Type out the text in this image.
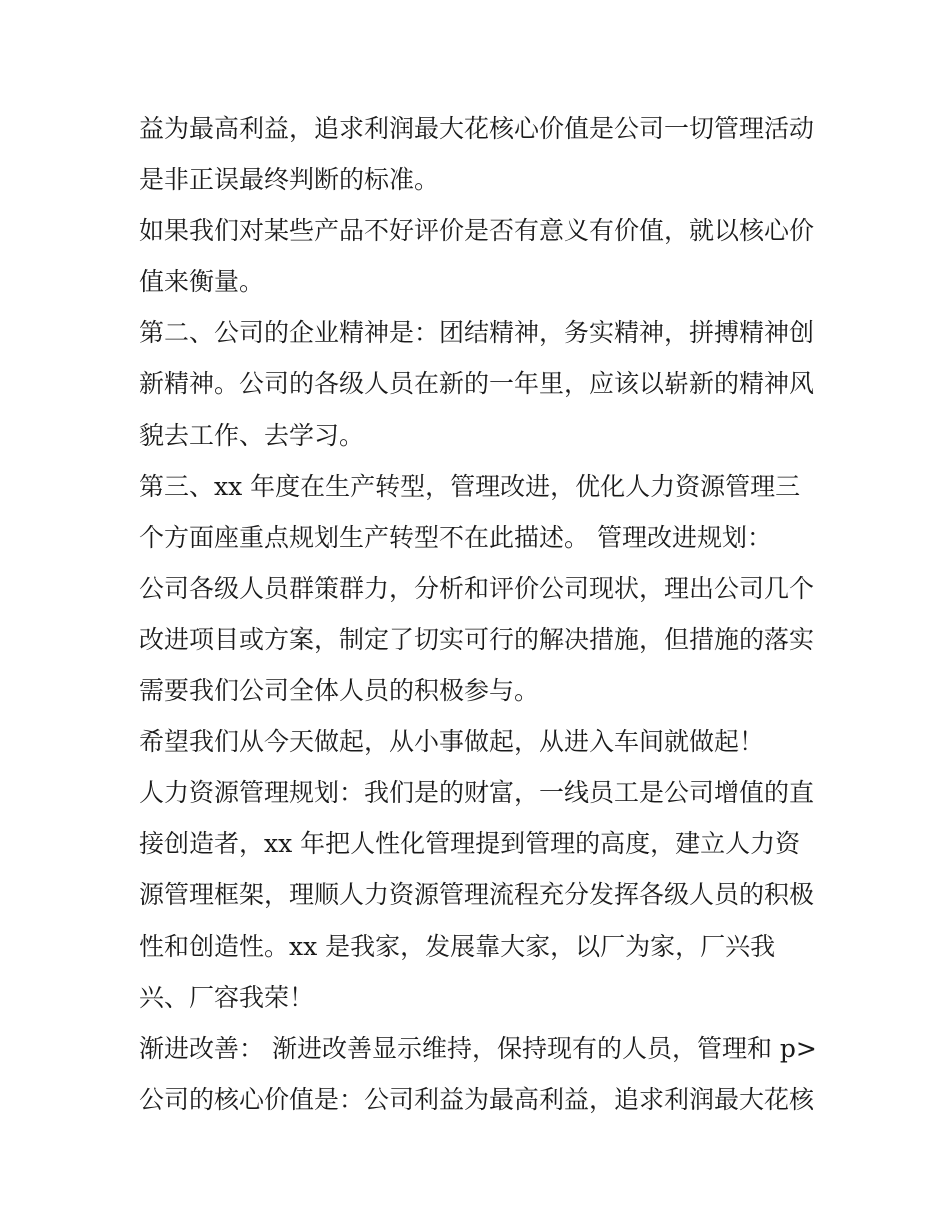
益为最高利益，追求利润最大花核心价值是公司一切管理活动
是非正误最终判断的标准。
如果我们对某些产品不好评价是否有意义有价值，就以核心价
值来衡量。
第二、公司的企业精神是：团结精神，务实精神，拼搏精神创
新精神。公司的各级人员在新的一年里，应该以崭新的精神风
貌去工作、去学习。
第三、xx 年度在生产转型，管理改进，优化人力资源管理三
个方面座重点规划生产转型不在此描述。 管理改进规划：
公司各级人员群策群力，分析和评价公司现状，理出公司几个
改进项目或方案，制定了切实可行的解决措施，但措施的落实
需要我们公司全体人员的积极参与。
希望我们从今天做起，从小事做起，从进入车间就做起！
人力资源管理规划：我们是的财富，一线员工是公司增值的直
接创造者，xx 年把人性化管理提到管理的高度，建立人力资
源管理框架，理顺人力资源管理流程充分发挥各级人员的积极
性和创造性。xx 是我家，发展靠大家，以厂为家，厂兴我
兴、厂容我荣！
渐进改善： 渐进改善显示维持，保持现有的人员，管理和 p>
公司的核心价值是：公司利益为最高利益，追求利润最大花核
